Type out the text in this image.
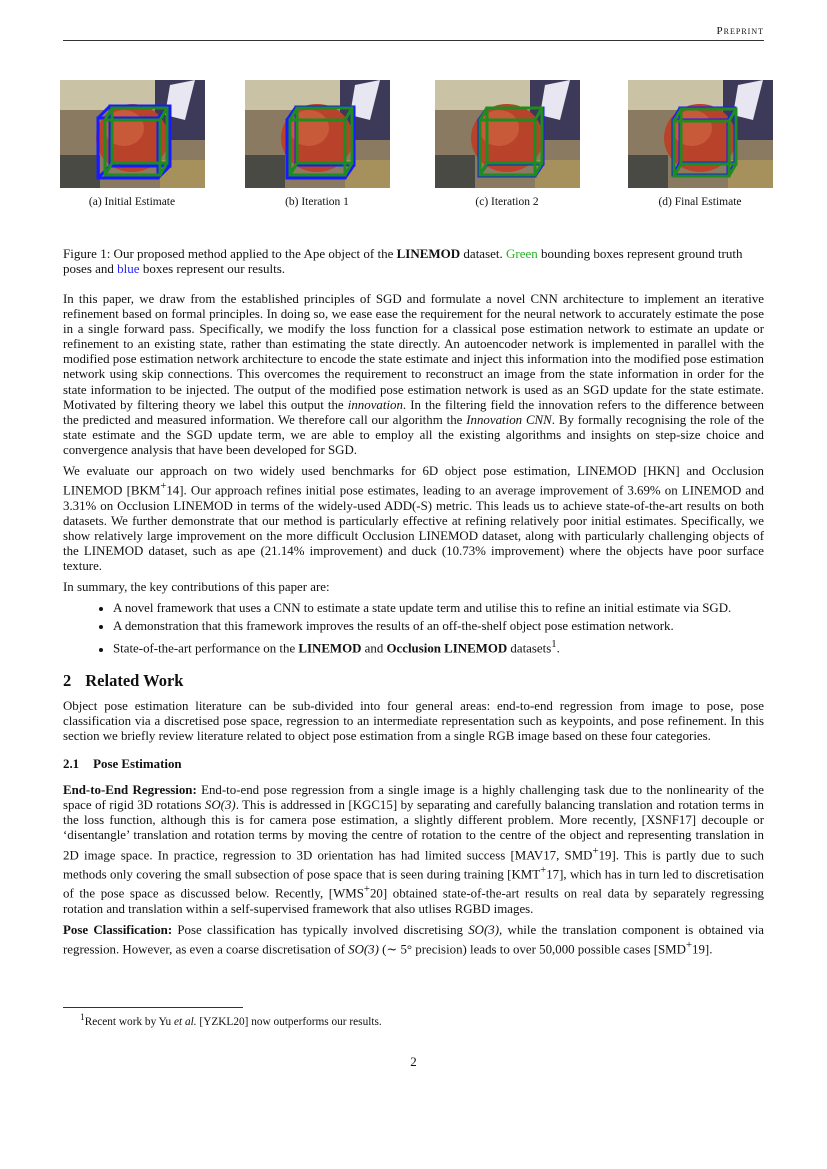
Preprint
(a) Initial Estimate	(b) Iteration 1	(c) Iteration 2	(d) Final Estimate
Figure 1: Our proposed method applied to the Ape object of the LINEMOD dataset. Green bounding boxes represent ground truth poses and blue boxes represent our results.

In this paper, we draw from the established principles of SGD and formulate a novel CNN architecture to implement an iterative refinement based on formal principles. In doing so, we ease ease the requirement for the neural network to accurately estimate the pose in a single forward pass. Specifically, we modify the loss function for a classical pose estimation network to estimate an update or refinement to an existing state, rather than estimating the state directly. An autoencoder network is implemented in parallel with the modified pose estimation network architecture to encode the state estimate and inject this information into the modified pose estimation network using skip connections. This overcomes the requirement to reconstruct an image from the state information in order for the state information to be injected. The output of the modified pose estimation network is used as an SGD update for the state estimate. Motivated by filtering theory we label this output the innovation. In the filtering field the innovation refers to the difference between the predicted and measured information. We therefore call our algorithm the Innovation CNN. By formally recognising the role of the state estimate and the SGD update term, we are able to employ all the existing algorithms and insights on step-size choice and convergence analysis that have been developed for SGD.

We evaluate our approach on two widely used benchmarks for 6D object pose estimation, LINEMOD [HKN] and Occlusion LINEMOD [BKM+14]. Our approach refines initial pose estimates, leading to an average improvement of 3.69% on LINEMOD and 3.31% on Occlusion LINEMOD in terms of the widely-used ADD(-S) metric. This leads us to achieve state-of-the-art results on both datasets. We further demonstrate that our method is particularly effective at refining relatively poor initial estimates. Specifically, we show relatively large improvement on the more difficult Occlusion LINEMOD dataset, along with particularly challenging objects of the LINEMOD dataset, such as ape (21.14% improvement) and duck (10.73% improvement) where the objects have poor surface texture.

In summary, the key contributions of this paper are:

• A novel framework that uses a CNN to estimate a state update term and utilise this to refine an initial estimate via SGD.
• A demonstration that this framework improves the results of an off-the-shelf object pose estimation network.
• State-of-the-art performance on the LINEMOD and Occlusion LINEMOD datasets$^1$.
2 Related Work

Object pose estimation literature can be sub-divided into four general areas: end-to-end regression from image to pose, pose classification via a discretised pose space, regression to an intermediate representation such as keypoints, and pose refinement. In this section we briefly review literature related to object pose estimation from a single RGB image based on these four categories.

2.1 Pose Estimation

End-to-End Regression: End-to-end pose regression from a single image is a highly challenging task due to the nonlinearity of the space of rigid 3D rotations SO(3). This is addressed in [KGC15] by separating and carefully balancing translation and rotation terms in the loss function, although this is for camera pose estimation, a slightly different problem. More recently, [XSNF17] decouple or ‘disentangle’ translation and rotation terms by moving the centre of rotation to the centre of the object and representing translation in 2D image space. In practice, regression to 3D orientation has had limited success [MAV17, SMD+19]. This is partly due to such methods only covering the small subsection of pose space that is seen during training [KMT+17], which has in turn led to discretisation of the pose space as discussed below. Recently, [WMS+20] obtained state-of-the-art results on real data by separately regressing rotation and translation within a self-supervised framework that also utlises RGBD images.

Pose Classification: Pose classification has typically involved discretising SO(3), while the translation component is obtained via regression. However, as even a coarse discretisation of SO(3) (∼ 5° precision) leads to over 50,000 possible cases [SMD+19].

$^1$Recent work by Yu et al. [YZKL20] now outperforms our results.
2
